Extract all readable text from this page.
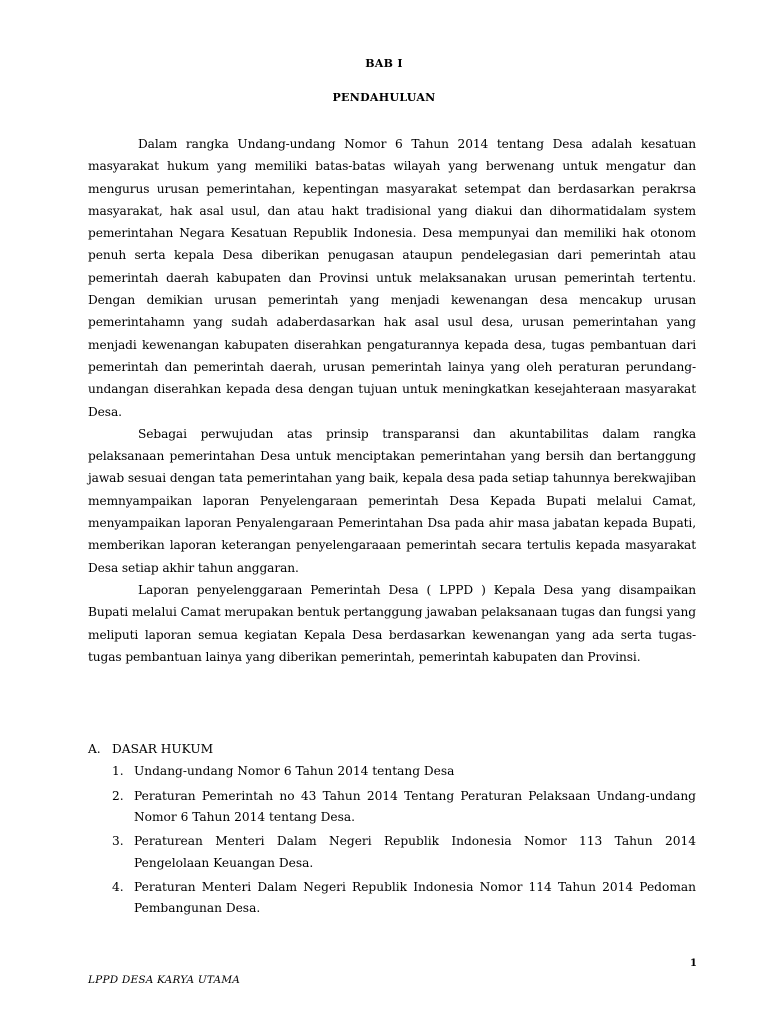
BAB I
PENDAHULUAN

Dalam rangka Undang-undang Nomor 6 Tahun 2014 tentang Desa adalah kesatuan masyarakat hukum yang memiliki batas-batas wilayah yang berwenang untuk mengatur dan mengurus urusan pemerintahan, kepentingan masyarakat setempat dan berdasarkan perakrsa masyarakat, hak asal usul, dan atau hakt tradisional yang diakui dan dihormatidalam system pemerintahan Negara Kesatuan Republik Indonesia. Desa mempunyai dan memiliki hak otonom penuh serta kepala Desa diberikan penugasan ataupun pendelegasian dari pemerintah atau pemerintah daerah kabupaten dan Provinsi untuk melaksanakan urusan pemerintah tertentu. Dengan demikian urusan pemerintah yang menjadi kewenangan desa mencakup urusan pemerintahamn yang sudah adaberdasarkan hak asal usul desa, urusan pemerintahan yang menjadi kewenangan kabupaten diserahkan pengaturannya kepada desa, tugas pembantuan dari pemerintah dan pemerintah daerah, urusan pemerintah lainya yang oleh peraturan perundang-undangan diserahkan kepada desa dengan tujuan untuk meningkatkan kesejahteraan masyarakat Desa.

Sebagai perwujudan atas prinsip transparansi dan akuntabilitas dalam rangka pelaksanaan pemerintahan Desa untuk menciptakan pemerintahan yang bersih dan bertanggung jawab sesuai dengan tata pemerintahan yang baik, kepala desa pada setiap tahunnya berekwajiban memnyampaikan laporan Penyelengaraan pemerintah Desa Kepada Bupati melalui Camat, menyampaikan laporan Penyalengaraan Pemerintahan Dsa pada ahir masa jabatan kepada Bupati, memberikan laporan keterangan penyelengaraaan pemerintah secara tertulis kepada masyarakat Desa setiap akhir tahun anggaran.

Laporan penyelenggaraan Pemerintah Desa ( LPPD ) Kepala Desa yang disampaikan Bupati melalui Camat merupakan bentuk pertanggung jawaban pelaksanaan tugas dan fungsi yang meliputi laporan semua kegiatan Kepala Desa berdasarkan kewenangan yang ada serta tugas-tugas pembantuan lainya yang diberikan pemerintah, pemerintah kabupaten dan Provinsi.

A. DASAR HUKUM
1. Undang-undang Nomor 6 Tahun 2014 tentang Desa
2. Peraturan Pemerintah no 43 Tahun 2014 Tentang Peraturan Pelaksaan Undang-undang Nomor 6 Tahun 2014 tentang Desa.
3. Peraturean Menteri Dalam Negeri Republik Indonesia Nomor 113 Tahun 2014 Pengelolaan Keuangan Desa.
4. Peraturan Menteri Dalam Negeri Republik Indonesia Nomor 114 Tahun 2014 Pedoman Pembangunan Desa.
1
LPPD DESA KARYA UTAMA
